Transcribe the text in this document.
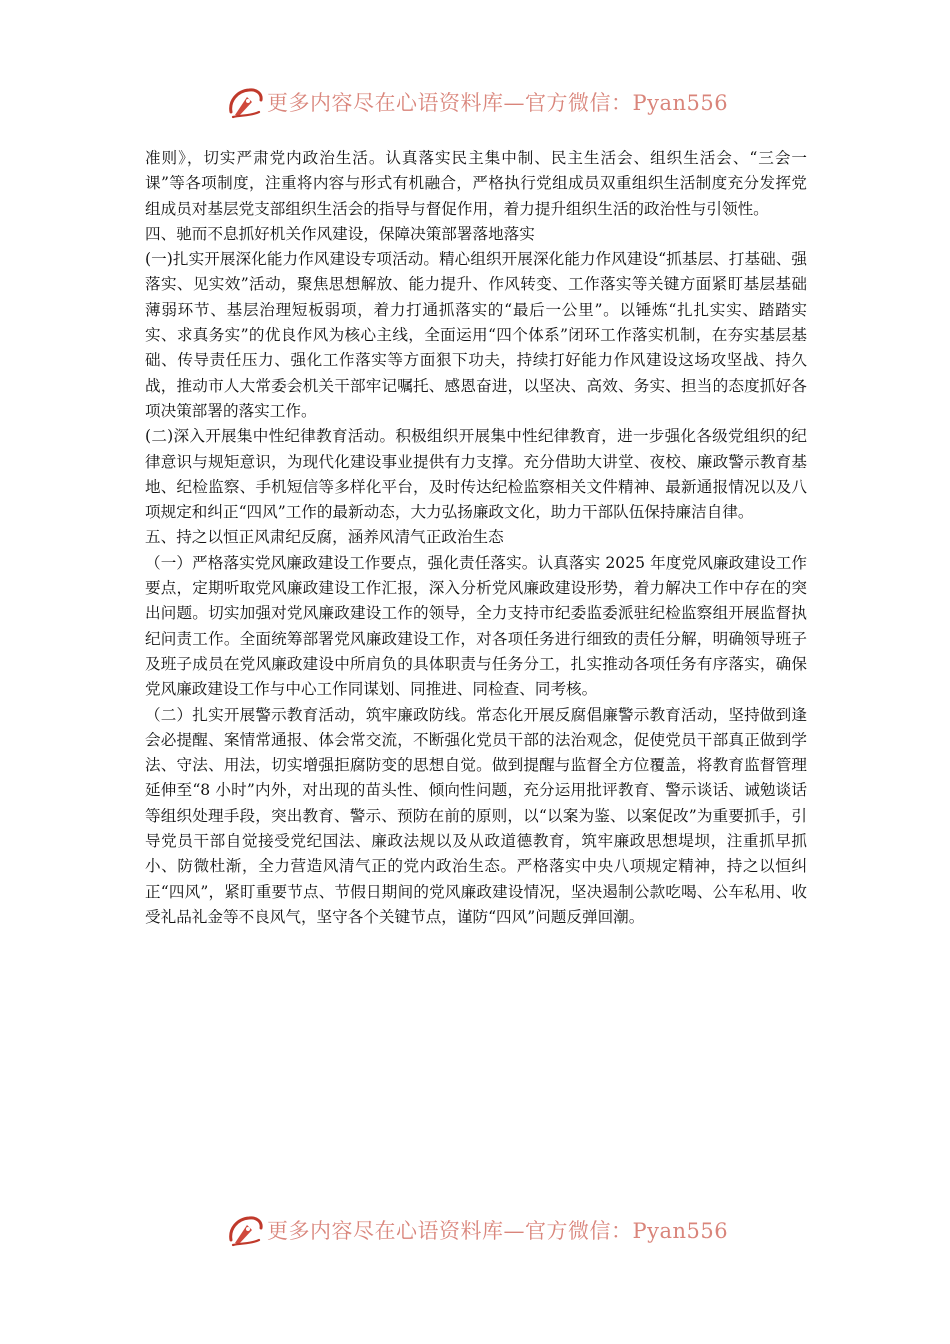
更多内容尽在心语资料库—官方微信：Pyan556

准则》，切实严肃党内政治生活。认真落实民主集中制、民主生活会、组织生活会、“三会一课”等各项制度，注重将内容与形式有机融合，严格执行党组成员双重组织生活制度充分发挥党组成员对基层党支部组织生活会的指导与督促作用，着力提升组织生活的政治性与引领性。

四、驰而不息抓好机关作风建设，保障决策部署落地落实

(一)扎实开展深化能力作风建设专项活动。精心组织开展深化能力作风建设“抓基层、打基础、强落实、见实效”活动，聚焦思想解放、能力提升、作风转变、工作落实等关键方面紧盯基层基础薄弱环节、基层治理短板弱项，着力打通抓落实的“最后一公里”。以锤炼“扎扎实实、踏踏实实、求真务实”的优良作风为核心主线，全面运用“四个体系”闭环工作落实机制，在夯实基层基础、传导责任压力、强化工作落实等方面狠下功夫，持续打好能力作风建设这场攻坚战、持久战，推动市人大常委会机关干部牢记嘱托、感恩奋进，以坚决、高效、务实、担当的态度抓好各项决策部署的落实工作。

(二)深入开展集中性纪律教育活动。积极组织开展集中性纪律教育，进一步强化各级党组织的纪律意识与规矩意识，为现代化建设事业提供有力支撑。充分借助大讲堂、夜校、廉政警示教育基地、纪检监察、手机短信等多样化平台，及时传达纪检监察相关文件精神、最新通报情况以及八项规定和纠正“四风”工作的最新动态，大力弘扬廉政文化，助力干部队伍保持廉洁自律。

五、持之以恒正风肃纪反腐，涵养风清气正政治生态

（一）严格落实党风廉政建设工作要点，强化责任落实。认真落实 2025 年度党风廉政建设工作要点，定期听取党风廉政建设工作汇报，深入分析党风廉政建设形势，着力解决工作中存在的突出问题。切实加强对党风廉政建设工作的领导，全力支持市纪委监委派驻纪检监察组开展监督执纪问责工作。全面统筹部署党风廉政建设工作，对各项任务进行细致的责任分解，明确领导班子及班子成员在党风廉政建设中所肩负的具体职责与任务分工，扎实推动各项任务有序落实，确保党风廉政建设工作与中心工作同谋划、同推进、同检查、同考核。

（二）扎实开展警示教育活动，筑牢廉政防线。常态化开展反腐倡廉警示教育活动，坚持做到逢会必提醒、案情常通报、体会常交流，不断强化党员干部的法治观念，促使党员干部真正做到学法、守法、用法，切实增强拒腐防变的思想自觉。做到提醒与监督全方位覆盖，将教育监督管理延伸至“8 小时”内外，对出现的苗头性、倾向性问题，充分运用批评教育、警示谈话、诫勉谈话等组织处理手段，突出教育、警示、预防在前的原则，以“以案为鉴、以案促改”为重要抓手，引导党员干部自觉接受党纪国法、廉政法规以及从政道德教育，筑牢廉政思想堤坝，注重抓早抓小、防微杜渐，全力营造风清气正的党内政治生态。严格落实中央八项规定精神，持之以恒纠正“四风”，紧盯重要节点、节假日期间的党风廉政建设情况，坚决遏制公款吃喝、公车私用、收受礼品礼金等不良风气，坚守各个关键节点，谨防“四风”问题反弹回潮。

更多内容尽在心语资料库—官方微信：Pyan556
